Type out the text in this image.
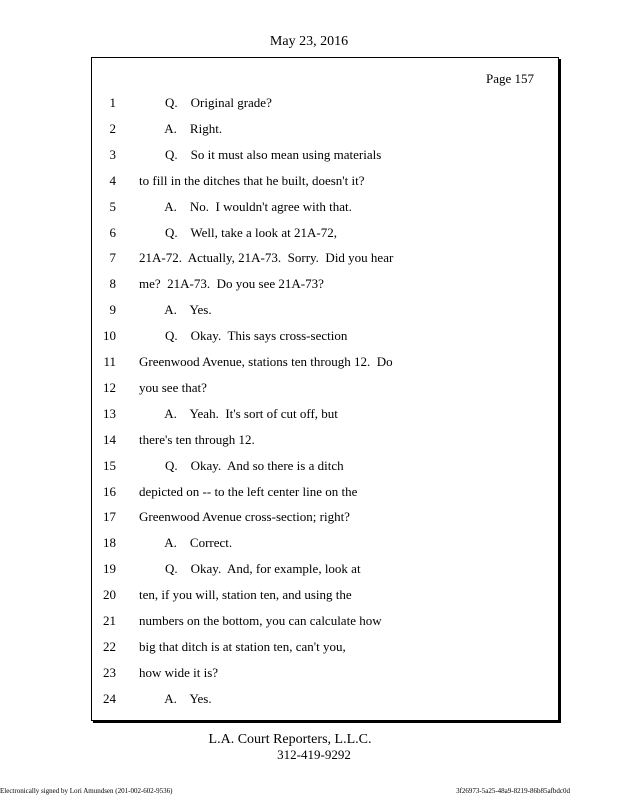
May 23, 2016
Page 157
1 Q.    Original grade?
2 A.    Right.
3 Q.    So it must also mean using materials
4 to fill in the ditches that he built, doesn't it?
5 A.    No.  I wouldn't agree with that.
6 Q.    Well, take a look at 21A-72,
7 21A-72.  Actually, 21A-73.  Sorry.  Did you hear
8 me?  21A-73.  Do you see 21A-73?
9 A.    Yes.
10 Q.    Okay.  This says cross-section
11 Greenwood Avenue, stations ten through 12.  Do
12 you see that?
13 A.    Yeah.  It's sort of cut off, but
14 there's ten through 12.
15 Q.    Okay.  And so there is a ditch
16 depicted on -- to the left center line on the
17 Greenwood Avenue cross-section; right?
18 A.    Correct.
19 Q.    Okay.  And, for example, look at
20 ten, if you will, station ten, and using the
21 numbers on the bottom, you can calculate how
22 big that ditch is at station ten, can't you,
23 how wide it is?
24 A.    Yes.
L.A. Court Reporters, L.L.C.
312-419-9292
Electronically signed by Lori Amundsen (201-002-602-9536)	3f26973-5a25-48a9-8219-86b85afbdc0d
